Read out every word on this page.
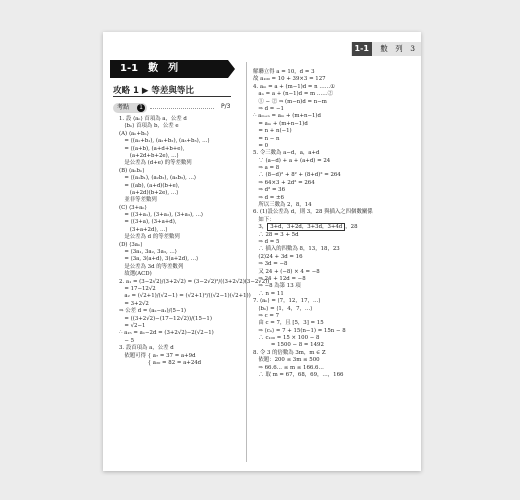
1-1	數　列　3
1-1　數　列
攻略 1 ▶ 等差與等比
考點	1	P/3
1. 設 ⟨aₙ⟩ 首項為 a，公差 d
　⟨bₙ⟩ 首項為 b，公差 e
(A) ⟨aₙ+bₙ⟩
　= ⟨(a₁+b₁), (a₂+b₂), (a₃+b₃), …⟩
　= ⟨(a+b), (a+d+b+e),
　　(a+2d+b+2e), …⟩
　是公差為 (d+e) 的等差數列
(B) ⟨aₙbₙ⟩
　= ⟨(a₁b₁), (a₂b₂), (a₃b₃), …⟩
　= ⟨(ab), (a+d)(b+e),
　　(a+2d)(b+2e), …⟩
　並非等差數列
(C) ⟨3+aₙ⟩
　= ⟨(3+a₁), (3+a₂), (3+a₃), …⟩
　= ⟨(3+a), (3+a+d),
　　(3+a+2d), …⟩
　是公差為 d 的等差數列
(D) ⟨3aₙ⟩
　= ⟨3a₁, 3a₂, 3a₃, …⟩
　= ⟨3a, 3(a+d), 3(a+2d), …⟩
　是公差為 3d 的等差數列
　故選(ACD)
2. a₁ = (3−2√2)/(3+2√2) = (3−2√2)²/((3+2√2)(3−2√2))
　= 17−12√2
　a₂ = (√2+1)/(√2−1) = (√2+1)²/((√2−1)(√2+1))
　= 3+2√2
⇒ 公差 d = (a₂−a₁)/(5−1)
　= ((3+2√2)−(17−12√2))/(15−1)
　= √2−1
∴ a₁₅ = a₁−2d = (3+2√2)−2(√2−1)
　− 5
3. 設首項為 a，公差 d
　依題可得 { a₇ = 37 = a+9d
　　　　　 { a₂₀ = 82 = a+24d
解聯立得 a = 10，d = 3
故 a₁₀₀ = 10 + 39×3 = 127
4. aₘ = a + (m−1)d = n ……①
　aₙ = a + (n−1)d = m ……②
　① − ② ⇒ (m−n)d = n−m
　⇒ d = −1
∴ aₘ₊ₙ = aₘ + (m+n−1)d
　= aₘ + (m+n−1)d
　= n + n(−1)
　= n − n
　= 0
5. 令三數為 a−d，a，a+d
　∵ (a−d) + a + (a+d) = 24
　⇒ a = 8
　∴ (8−d)² + 8² + (8+d)² = 264
　⇒ 64×3 + 2d² = 264
　⇒ d² = 36
　⇒ d = ±6
　所以三數為 2，8，14
6. (1)設公差為 d，則 3，28 與插入之四個數關係
　如下：
　3， 3+d，3+2d，3+3d，3+4d ，28
　∴ 28 = 3 + 5d
　⇒ d = 5
　∴ 插入的四數為 8，13，18，23
　(2)24 + 3d = 16
　⇒ 3d = −8
　又 24 + (−8) × 4 = −8
　⇒ 24 + 12d = −8
　⇒ −8 為第 13 項
　∴ n = 11
7. ⟨aₙ⟩ = ⟨7，12，17，…⟩
　⟨bₙ⟩ = ⟨1，4，7，…⟩
　⇒ c = 7
　由 c = 7，且 [5，3] = 15
　⇒ ⟨cₙ⟩ = 7 + 15(n−1) = 15n − 8
　∴ c₁₀₀ = 15 × 100 − 8
　　　 = 1500 − 8 = 1492
8. 令 3 的倍數為 3m，m ∈ Z
　依題：200 ≤ 3m ≤ 500
　⇒ 66.6… ≤ m ≤ 166.6…
　∴ 取 m = 67，68，69，…，166
